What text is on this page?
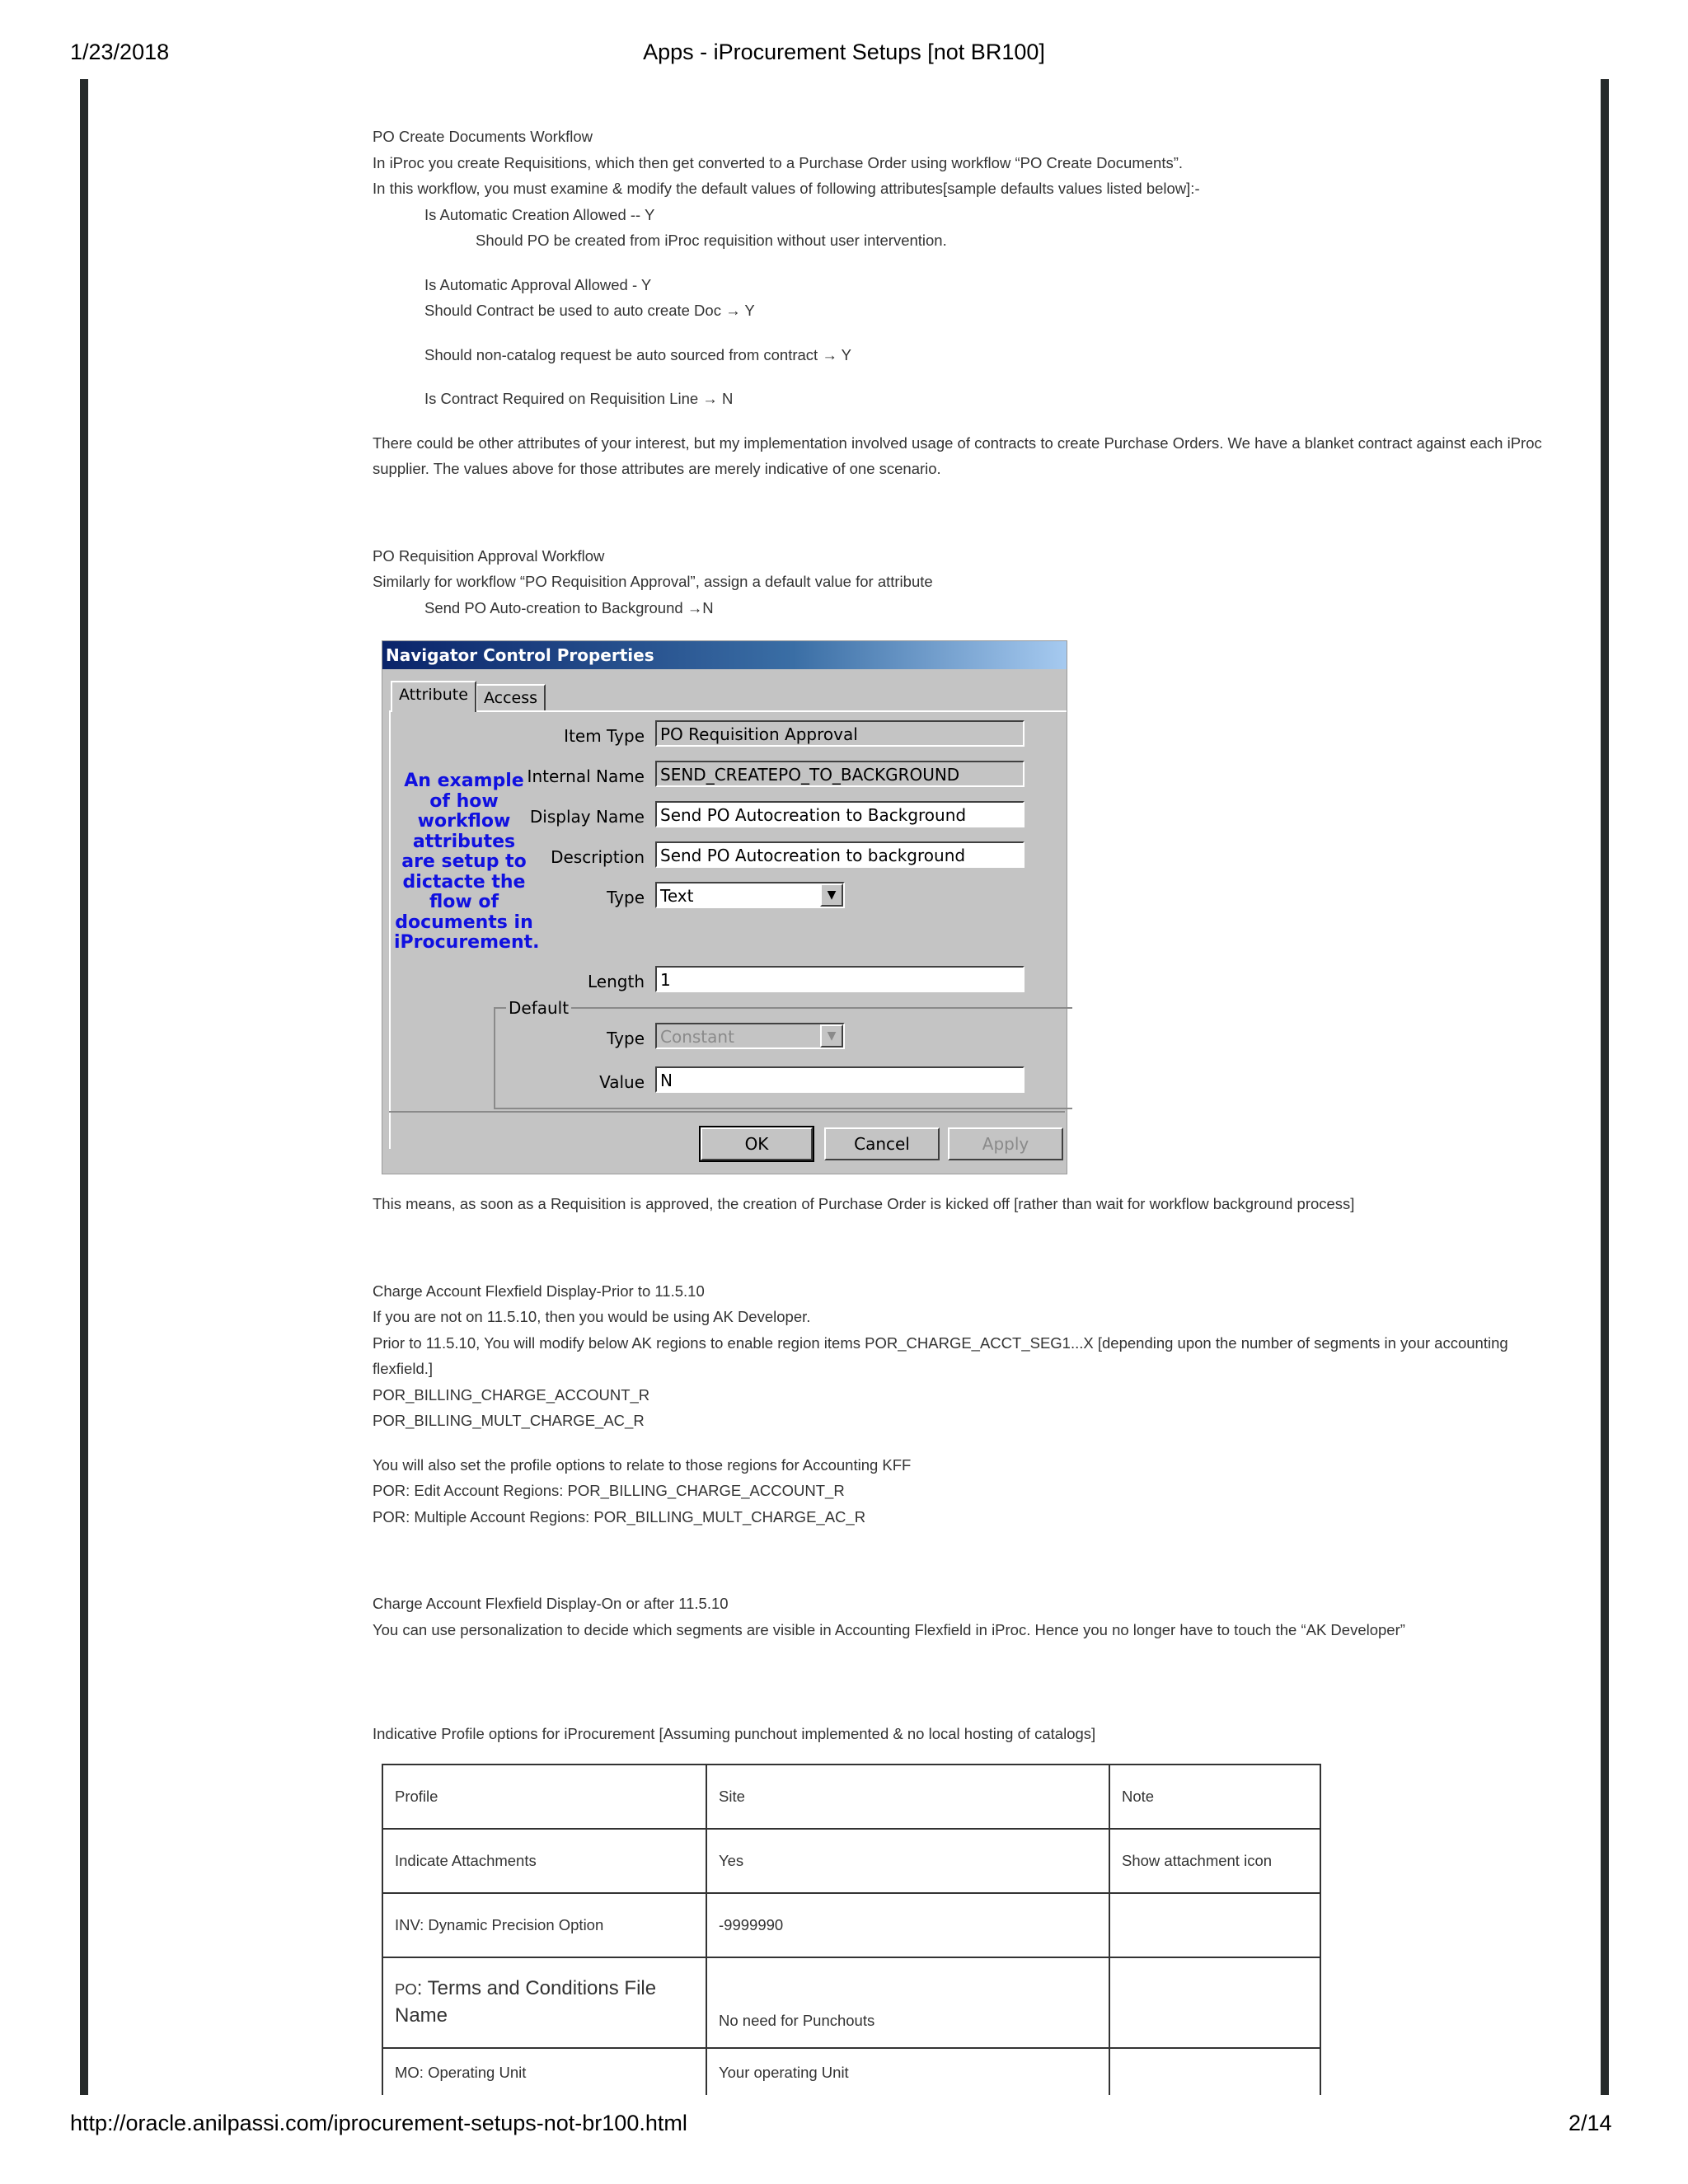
1/23/2018	Apps - iProcurement Setups [not BR100]

PO Create Documents Workflow

In iProc you create Requisitions, which then get converted to a Purchase Order using workflow “PO Create Documents”.

In this workflow, you must examine & modify the default values of following attributes[sample defaults values listed below]:-

Is Automatic Creation Allowed -- Y

Should PO be created from iProc requisition without user intervention.

Is Automatic Approval Allowed - Y

Should Contract be used to auto create Doc → Y

Should non-catalog request be auto sourced from contract → Y

Is Contract Required on Requisition Line → N

There could be other attributes of your interest, but my implementation involved usage of contracts to create Purchase Orders. We have a blanket contract against each iProc supplier. The values above for those attributes are merely indicative of one scenario.

PO Requisition Approval Workflow

Similarly for workflow “PO Requisition Approval”, assign a default value for attribute

Send PO Auto-creation to Background →N

Navigator Control Properties
Attribute	Access
An example of how workflow attributes are setup to dictacte the flow of documents in iProcurement.
Item Type PO Requisition Approval
Internal Name SEND_CREATEPO_TO_BACKGROUND
Display Name Send PO Autocreation to Background
Description Send PO Autocreation to background
Type Text	▼
Length 1
Default
Type Constant	▼
Value N
OK	Cancel	Apply

This means, as soon as a Requisition is approved, the creation of Purchase Order is kicked off [rather than wait for workflow background process]

Charge Account Flexfield Display-Prior to 11.5.10

If you are not on 11.5.10, then you would be using AK Developer.

Prior to 11.5.10, You will modify below AK regions to enable region items POR_CHARGE_ACCT_SEG1...X [depending upon the number of segments in your accounting flexfield.]

POR_BILLING_CHARGE_ACCOUNT_R

POR_BILLING_MULT_CHARGE_AC_R

You will also set the profile options to relate to those regions for Accounting KFF

POR: Edit Account Regions: POR_BILLING_CHARGE_ACCOUNT_R

POR: Multiple Account Regions: POR_BILLING_MULT_CHARGE_AC_R

Charge Account Flexfield Display-On or after 11.5.10

You can use personalization to decide which segments are visible in Accounting Flexfield in iProc. Hence you no longer have to touch the “AK Developer”

Indicative Profile options for iProcurement [Assuming punchout implemented & no local hosting of catalogs]

Profile	Site	Note
Indicate Attachments	Yes	Show attachment icon
INV: Dynamic Precision Option	-9999990	
PO: Terms and Conditions File Name	No need for Punchouts	
MO: Operating Unit	Your operating Unit	
http://oracle.anilpassi.com/iprocurement-setups-not-br100.html	2/14
